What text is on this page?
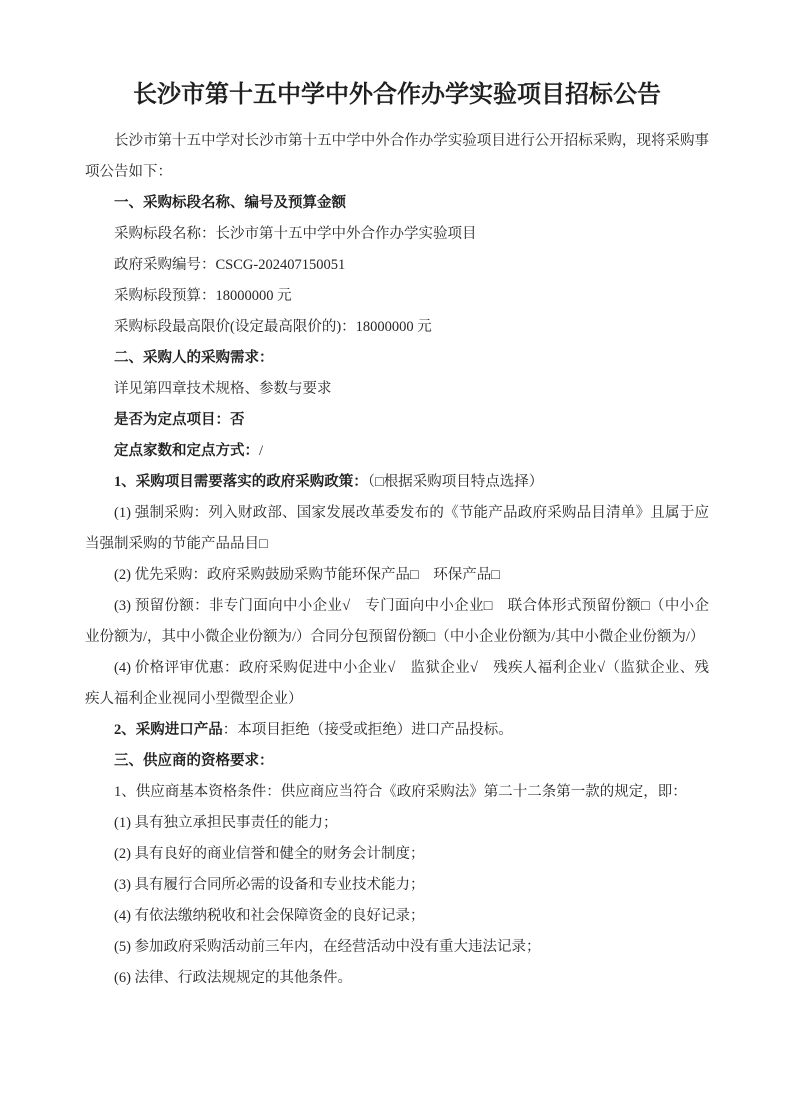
长沙市第十五中学中外合作办学实验项目招标公告

长沙市第十五中学对长沙市第十五中学中外合作办学实验项目进行公开招标采购，现将采购事项公告如下：

一、采购标段名称、编号及预算金额

采购标段名称：长沙市第十五中学中外合作办学实验项目

政府采购编号：CSCG-202407150051

采购标段预算：18000000 元

采购标段最高限价(设定最高限价的)：18000000 元

二、采购人的采购需求：

详见第四章技术规格、参数与要求

是否为定点项目：否

定点家数和定点方式：/

1、采购项目需要落实的政府采购政策：（□根据采购项目特点选择）

(1) 强制采购：列入财政部、国家发展改革委发布的《节能产品政府采购品目清单》且属于应当强制采购的节能产品品目□

(2) 优先采购：政府采购鼓励采购节能环保产品□　环保产品□

(3) 预留份额：非专门面向中小企业√　专门面向中小企业□　联合体形式预留份额□（中小企业份额为/，其中小微企业份额为/）合同分包预留份额□（中小企业份额为/其中小微企业份额为/）

(4) 价格评审优惠：政府采购促进中小企业√　监狱企业√　残疾人福利企业√（监狱企业、残疾人福利企业视同小型微型企业）

2、采购进口产品：本项目拒绝（接受或拒绝）进口产品投标。

三、供应商的资格要求：

1、供应商基本资格条件：供应商应当符合《政府采购法》第二十二条第一款的规定，即：

(1) 具有独立承担民事责任的能力；

(2) 具有良好的商业信誉和健全的财务会计制度；

(3) 具有履行合同所必需的设备和专业技术能力；

(4) 有依法缴纳税收和社会保障资金的良好记录；

(5) 参加政府采购活动前三年内，在经营活动中没有重大违法记录；

(6) 法律、行政法规规定的其他条件。
